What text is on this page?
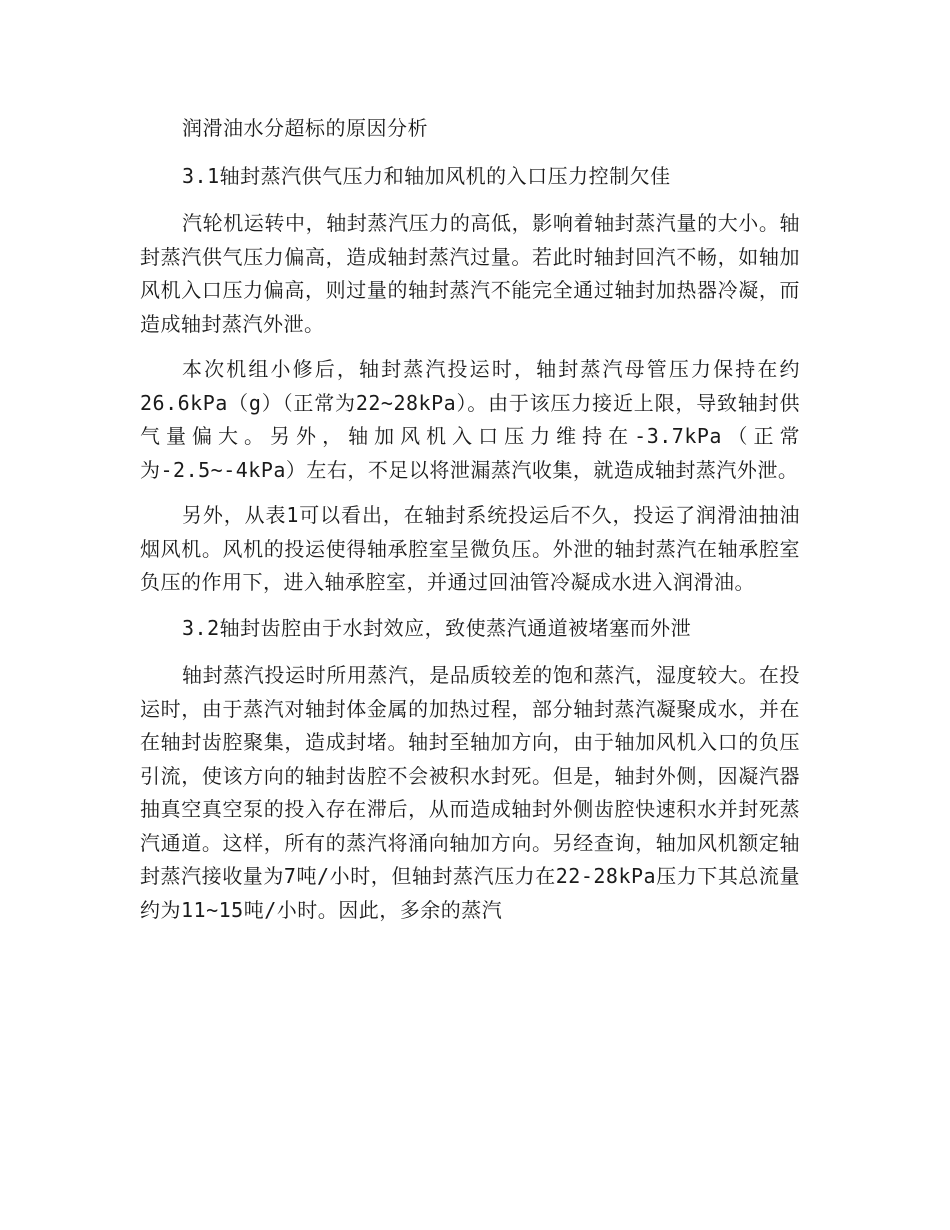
润滑油水分超标的原因分析

3.1轴封蒸汽供气压力和轴加风机的入口压力控制欠佳

汽轮机运转中，轴封蒸汽压力的高低，影响着轴封蒸汽量的大小。轴封蒸汽供气压力偏高，造成轴封蒸汽过量。若此时轴封回汽不畅，如轴加风机入口压力偏高，则过量的轴封蒸汽不能完全通过轴封加热器冷凝，而造成轴封蒸汽外泄。

本次机组小修后，轴封蒸汽投运时，轴封蒸汽母管压力保持在约26.6kPa（g）（正常为22~28kPa）。由于该压力接近上限，导致轴封供气量偏大。另外，轴加风机入口压力维持在-3.7kPa（正常为-2.5~-4kPa）左右，不足以将泄漏蒸汽收集，就造成轴封蒸汽外泄。

另外，从表1可以看出，在轴封系统投运后不久，投运了润滑油抽油烟风机。风机的投运使得轴承腔室呈微负压。外泄的轴封蒸汽在轴承腔室负压的作用下，进入轴承腔室，并通过回油管冷凝成水进入润滑油。

3.2轴封齿腔由于水封效应，致使蒸汽通道被堵塞而外泄

轴封蒸汽投运时所用蒸汽，是品质较差的饱和蒸汽，湿度较大。在投运时，由于蒸汽对轴封体金属的加热过程，部分轴封蒸汽凝聚成水，并在在轴封齿腔聚集，造成封堵。轴封至轴加方向，由于轴加风机入口的负压引流，使该方向的轴封齿腔不会被积水封死。但是，轴封外侧，因凝汽器抽真空真空泵的投入存在滞后，从而造成轴封外侧齿腔快速积水并封死蒸汽通道。这样，所有的蒸汽将涌向轴加方向。另经查询，轴加风机额定轴封蒸汽接收量为7吨/小时，但轴封蒸汽压力在22-28kPa压力下其总流量约为11~15吨/小时。因此，多余的蒸汽
